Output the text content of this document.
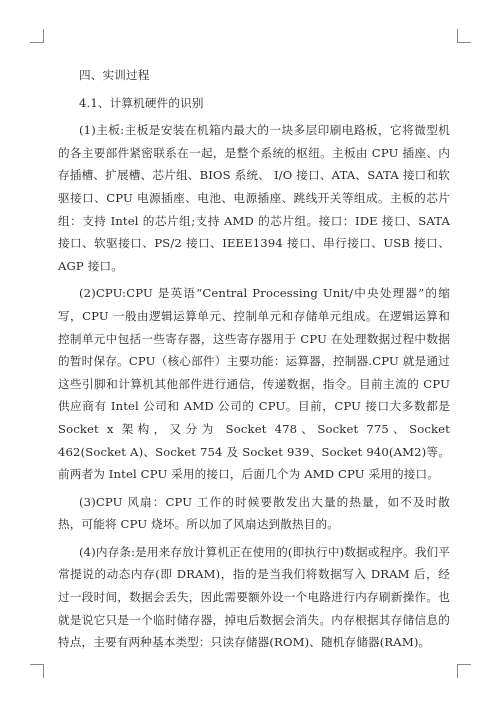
四、实训过程

4.1、计算机硬件的识别

(1)主板:主板是安装在机箱内最大的一块多层印刷电路板，它将微型机的各主要部件紧密联系在一起，是整个系统的枢纽。主板由 CPU 插座、内存插槽、扩展槽、芯片组、BIOS 系统、 I/O 接口、ATA、SATA 接口和软驱接口、CPU 电源插座、电池、电源插座、跳线开关等组成。主板的芯片组：支持 Intel 的芯片组;支持 AMD 的芯片组。接口：IDE 接口、SATA 接口、软驱接口、PS/2 接口、IEEE1394 接口、串行接口、USB 接口、AGP 接口。

(2)CPU:CPU 是英语“Central Processing Unit/中央处理器”的缩写，CPU 一般由逻辑运算单元、控制单元和存储单元组成。在逻辑运算和控制单元中包括一些寄存器，这些寄存器用于 CPU 在处理数据过程中数据的暂时保存。CPU（核心部件）主要功能：运算器，控制器.CPU 就是通过这些引脚和计算机其他部件进行通信，传递数据，指令。目前主流的 CPU 供应商有 Intel 公司和 AMD 公司的 CPU。目前，CPU 接口大多数都是 Socket x 架构，又分为 Socket 478、Socket 775、Socket 462(Socket A)、Socket 754 及 Socket 939、Socket 940(AM2)等。前两者为 Intel CPU 采用的接口，后面几个为 AMD CPU 采用的接口。

(3)CPU 风扇：CPU 工作的时候要散发出大量的热量，如不及时散热，可能将 CPU 烧坏。所以加了风扇达到散热目的。

(4)内存条:是用来存放计算机正在使用的(即执行中)数据或程序。我们平常提说的动态内存(即 DRAM)，指的是当我们将数据写入 DRAM 后，经过一段时间，数据会丢失，因此需要额外设一个电路进行内存刷新操作。也就是说它只是一个临时储存器，掉电后数据会消失。内存根据其存储信息的特点，主要有两种基本类型：只读存储器(ROM)、随机存储器(RAM)。
